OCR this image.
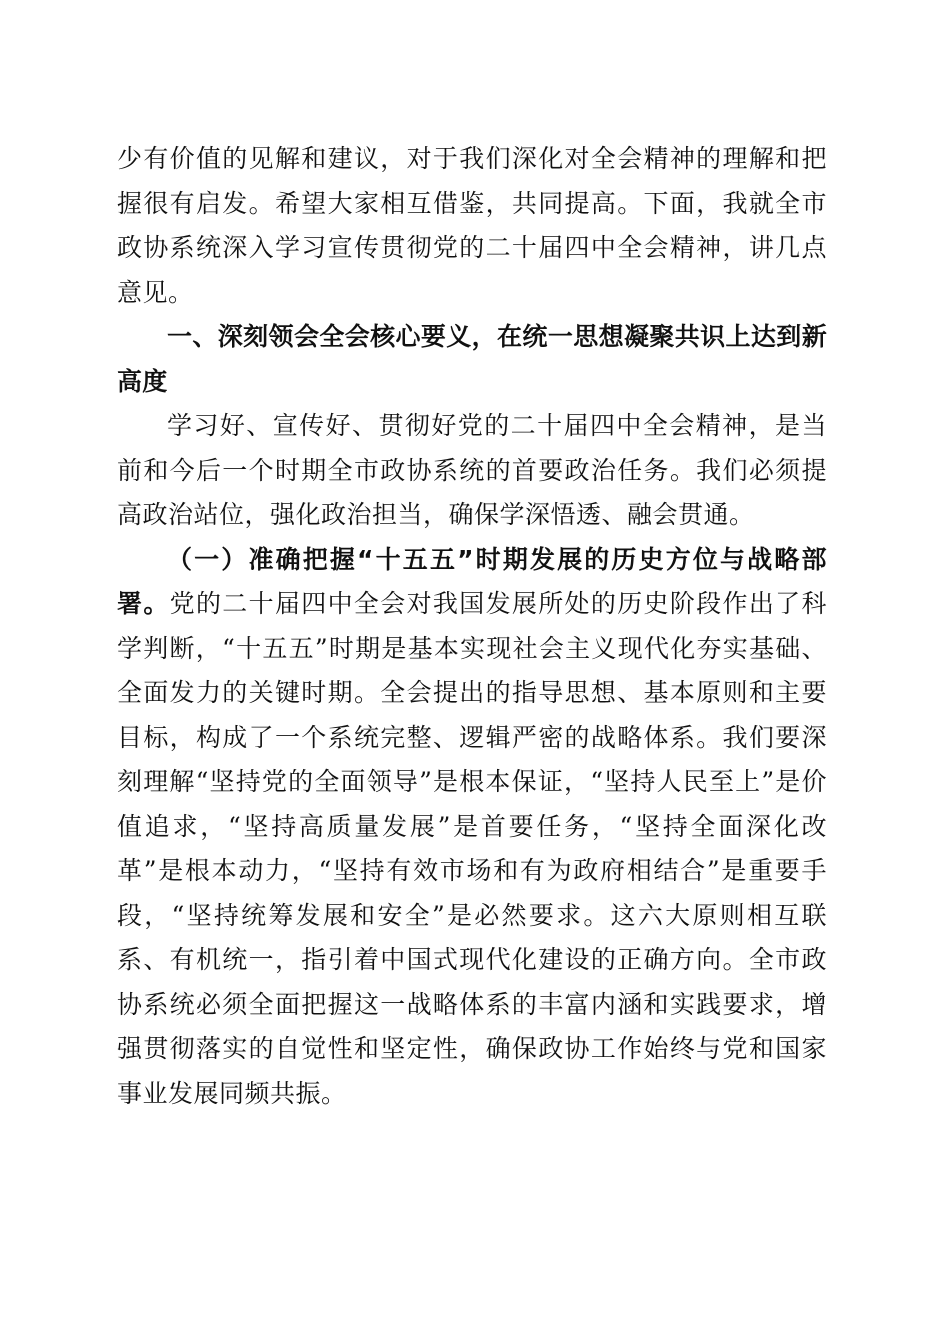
少有价值的见解和建议，对于我们深化对全会精神的理解和把握很有启发。希望大家相互借鉴，共同提高。下面，我就全市政协系统深入学习宣传贯彻党的二十届四中全会精神，讲几点意见。

一、深刻领会全会核心要义，在统一思想凝聚共识上达到新高度

学习好、宣传好、贯彻好党的二十届四中全会精神，是当前和今后一个时期全市政协系统的首要政治任务。我们必须提高政治站位，强化政治担当，确保学深悟透、融会贯通。

（一）准确把握“十五五”时期发展的历史方位与战略部署。党的二十届四中全会对我国发展所处的历史阶段作出了科学判断，“十五五”时期是基本实现社会主义现代化夯实基础、全面发力的关键时期。全会提出的指导思想、基本原则和主要目标，构成了一个系统完整、逻辑严密的战略体系。我们要深刻理解“坚持党的全面领导”是根本保证，“坚持人民至上”是价值追求，“坚持高质量发展”是首要任务，“坚持全面深化改革”是根本动力，“坚持有效市场和有为政府相结合”是重要手段，“坚持统筹发展和安全”是必然要求。这六大原则相互联系、有机统一，指引着中国式现代化建设的正确方向。全市政协系统必须全面把握这一战略体系的丰富内涵和实践要求，增强贯彻落实的自觉性和坚定性，确保政协工作始终与党和国家事业发展同频共振。
